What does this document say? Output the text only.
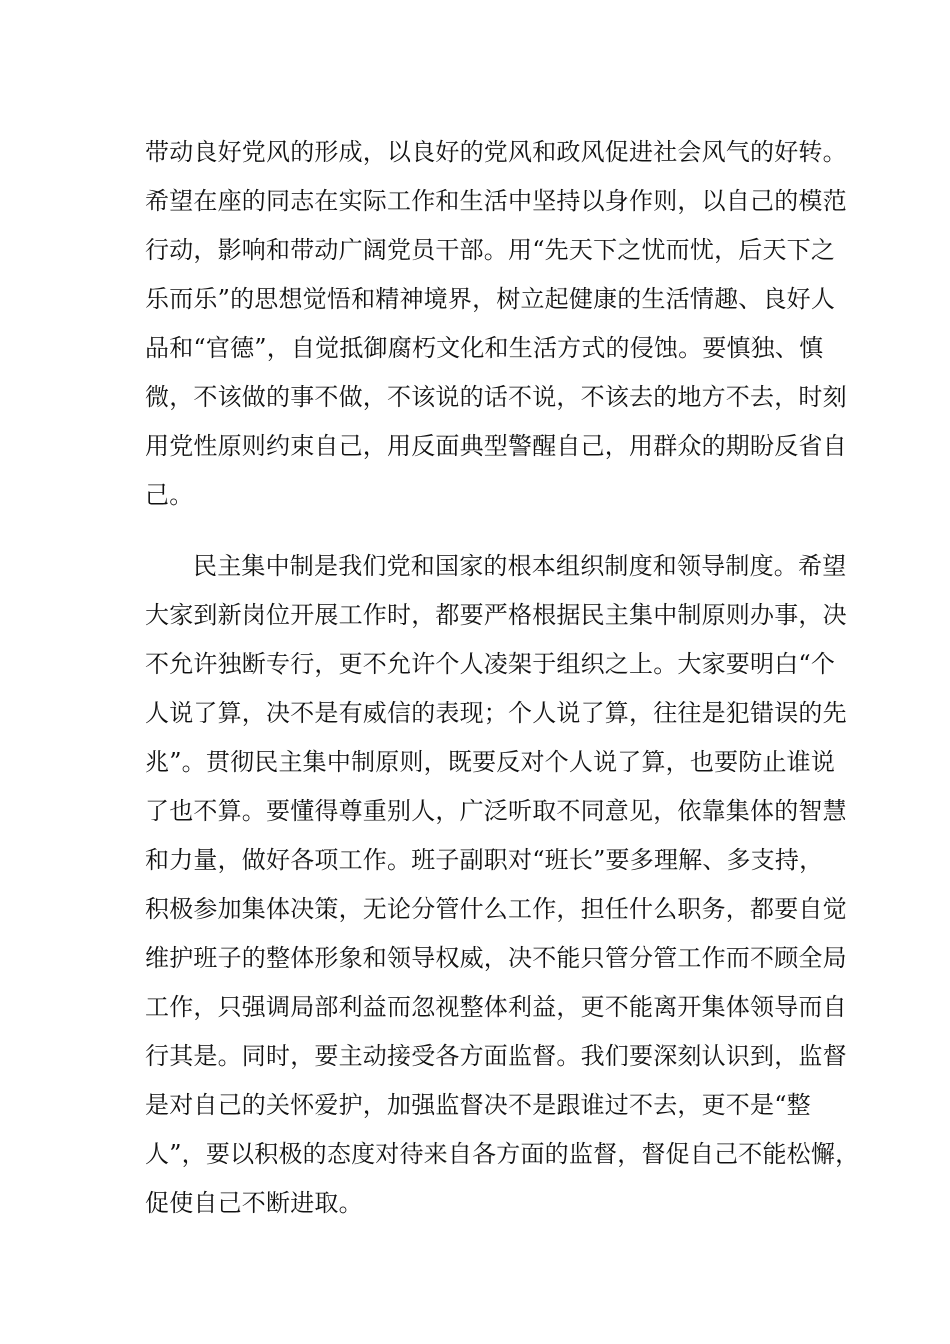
带动良好党风的形成，以良好的党风和政风促进社会风气的好转。
希望在座的同志在实际工作和生活中坚持以身作则，以自己的模范
行动，影响和带动广阔党员干部。用“先天下之忧而忧，后天下之
乐而乐”的思想觉悟和精神境界，树立起健康的生活情趣、良好人
品和“官德”，自觉抵御腐朽文化和生活方式的侵蚀。要慎独、慎
微，不该做的事不做，不该说的话不说，不该去的地方不去，时刻
用党性原则约束自己，用反面典型警醒自己，用群众的期盼反省自
己。
民主集中制是我们党和国家的根本组织制度和领导制度。希望
大家到新岗位开展工作时，都要严格根据民主集中制原则办事，决
不允许独断专行，更不允许个人凌架于组织之上。大家要明白“个
人说了算，决不是有威信的表现；个人说了算，往往是犯错误的先
兆”。贯彻民主集中制原则，既要反对个人说了算，也要防止谁说
了也不算。要懂得尊重别人，广泛听取不同意见，依靠集体的智慧
和力量，做好各项工作。班子副职对“班长”要多理解、多支持，
积极参加集体决策，无论分管什么工作，担任什么职务，都要自觉
维护班子的整体形象和领导权威，决不能只管分管工作而不顾全局
工作，只强调局部利益而忽视整体利益，更不能离开集体领导而自
行其是。同时，要主动接受各方面监督。我们要深刻认识到，监督
是对自己的关怀爱护，加强监督决不是跟谁过不去，更不是“整
人”，要以积极的态度对待来自各方面的监督，督促自己不能松懈，
促使自己不断进取。
